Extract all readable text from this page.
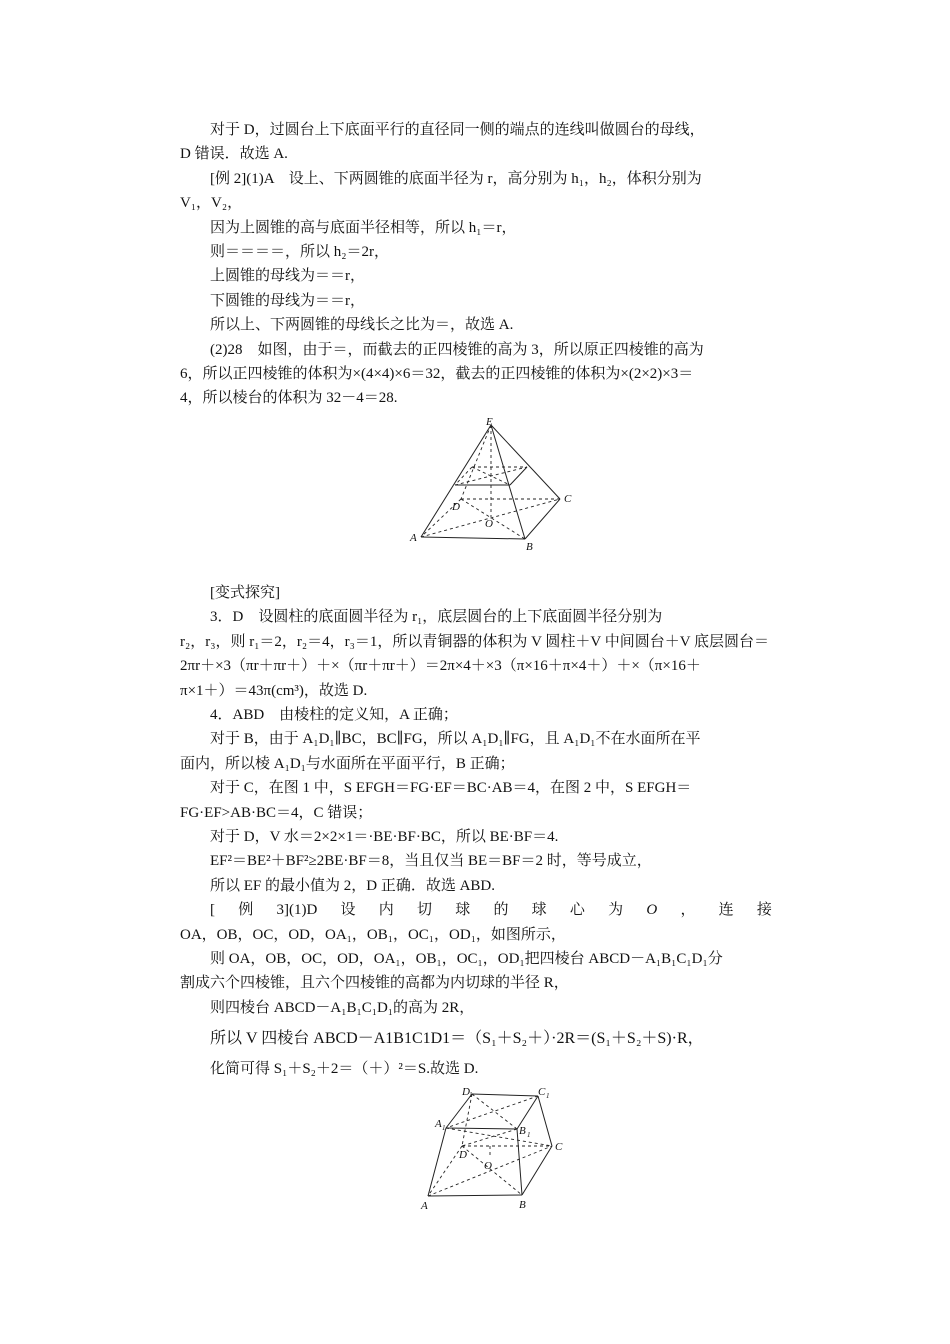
对于 D，过圆台上下底面平行的直径同一侧的端点的连线叫做圆台的母线，
D 错误．故选 A.
[例 2](1)A　设上、下两圆锥的底面半径为 r，高分别为 h₁，h₂，体积分别为
V₁，V₂，
因为上圆锥的高与底面半径相等，所以 h₁＝r，
则＝＝＝＝，所以 h₂＝2r，
上圆锥的母线为＝＝r，
下圆锥的母线为＝＝r，
所以上、下两圆锥的母线长之比为＝，故选 A.
(2)28　如图，由于＝，而截去的正四棱锥的高为 3，所以原正四棱锥的高为
6，所以正四棱锥的体积为×(4×4)×6＝32，截去的正四棱锥的体积为×(2×2)×3＝
4，所以棱台的体积为 32－4＝28.
E
D
O
C
A
B
[变式探究]
3．D　设圆柱的底面圆半径为 r₁，底层圆台的上下底面圆半径分别为
r₂，r₃，则 r₁＝2，r₂＝4，r₃＝1，所以青铜器的体积为 V 圆柱＋V 中间圆台＋V 底层圆台＝
2πr＋×3（πr＋πr＋）＋×（πr＋πr＋）＝2π×4＋×3（π×16＋π×4＋）＋×（π×16＋
π×1＋）＝43π(cm³)，故选 D.
4．ABD　由棱柱的定义知，A 正确；
对于 B，由于 A₁D₁∥BC，BC∥FG，所以 A₁D₁∥FG，且 A₁D₁不在水面所在平
面内，所以棱 A₁D₁与水面所在平面平行，B 正确；
对于 C，在图 1 中，S EFGH＝FG·EF＝BC·AB＝4，在图 2 中，S EFGH＝
FG·EF>AB·BC＝4，C 错误；
对于 D，V 水＝2×2×1＝·BE·BF·BC，所以 BE·BF＝4.
EF²＝BE²＋BF²≥2BE·BF＝8，当且仅当 BE＝BF＝2 时，等号成立，
所以 EF 的最小值为 2，D 正确．故选 ABD.
[ 例 3](1)D 设 内 切 球 的 球 心 为 O ， 连 接
OA，OB，OC，OD，OA₁，OB₁，OC₁，OD₁，如图所示，
则 OA，OB，OC，OD，OA₁，OB₁，OC₁，OD₁把四棱台 ABCD－A₁B₁C₁D₁分
割成六个四棱锥，且六个四棱锥的高都为内切球的半径 R，
则四棱台 ABCD－A₁B₁C₁D₁的高为 2R，
所以 V 四棱台 ABCD－A1B1C1D1＝（S₁＋S₂＋）·2R＝(S₁＋S₂＋S)·R，
化简可得 S₁＋S₂＋2＝（＋）²＝S.故选 D.
D 1	C 1
A 1	B 1
D
O
C
A	B
